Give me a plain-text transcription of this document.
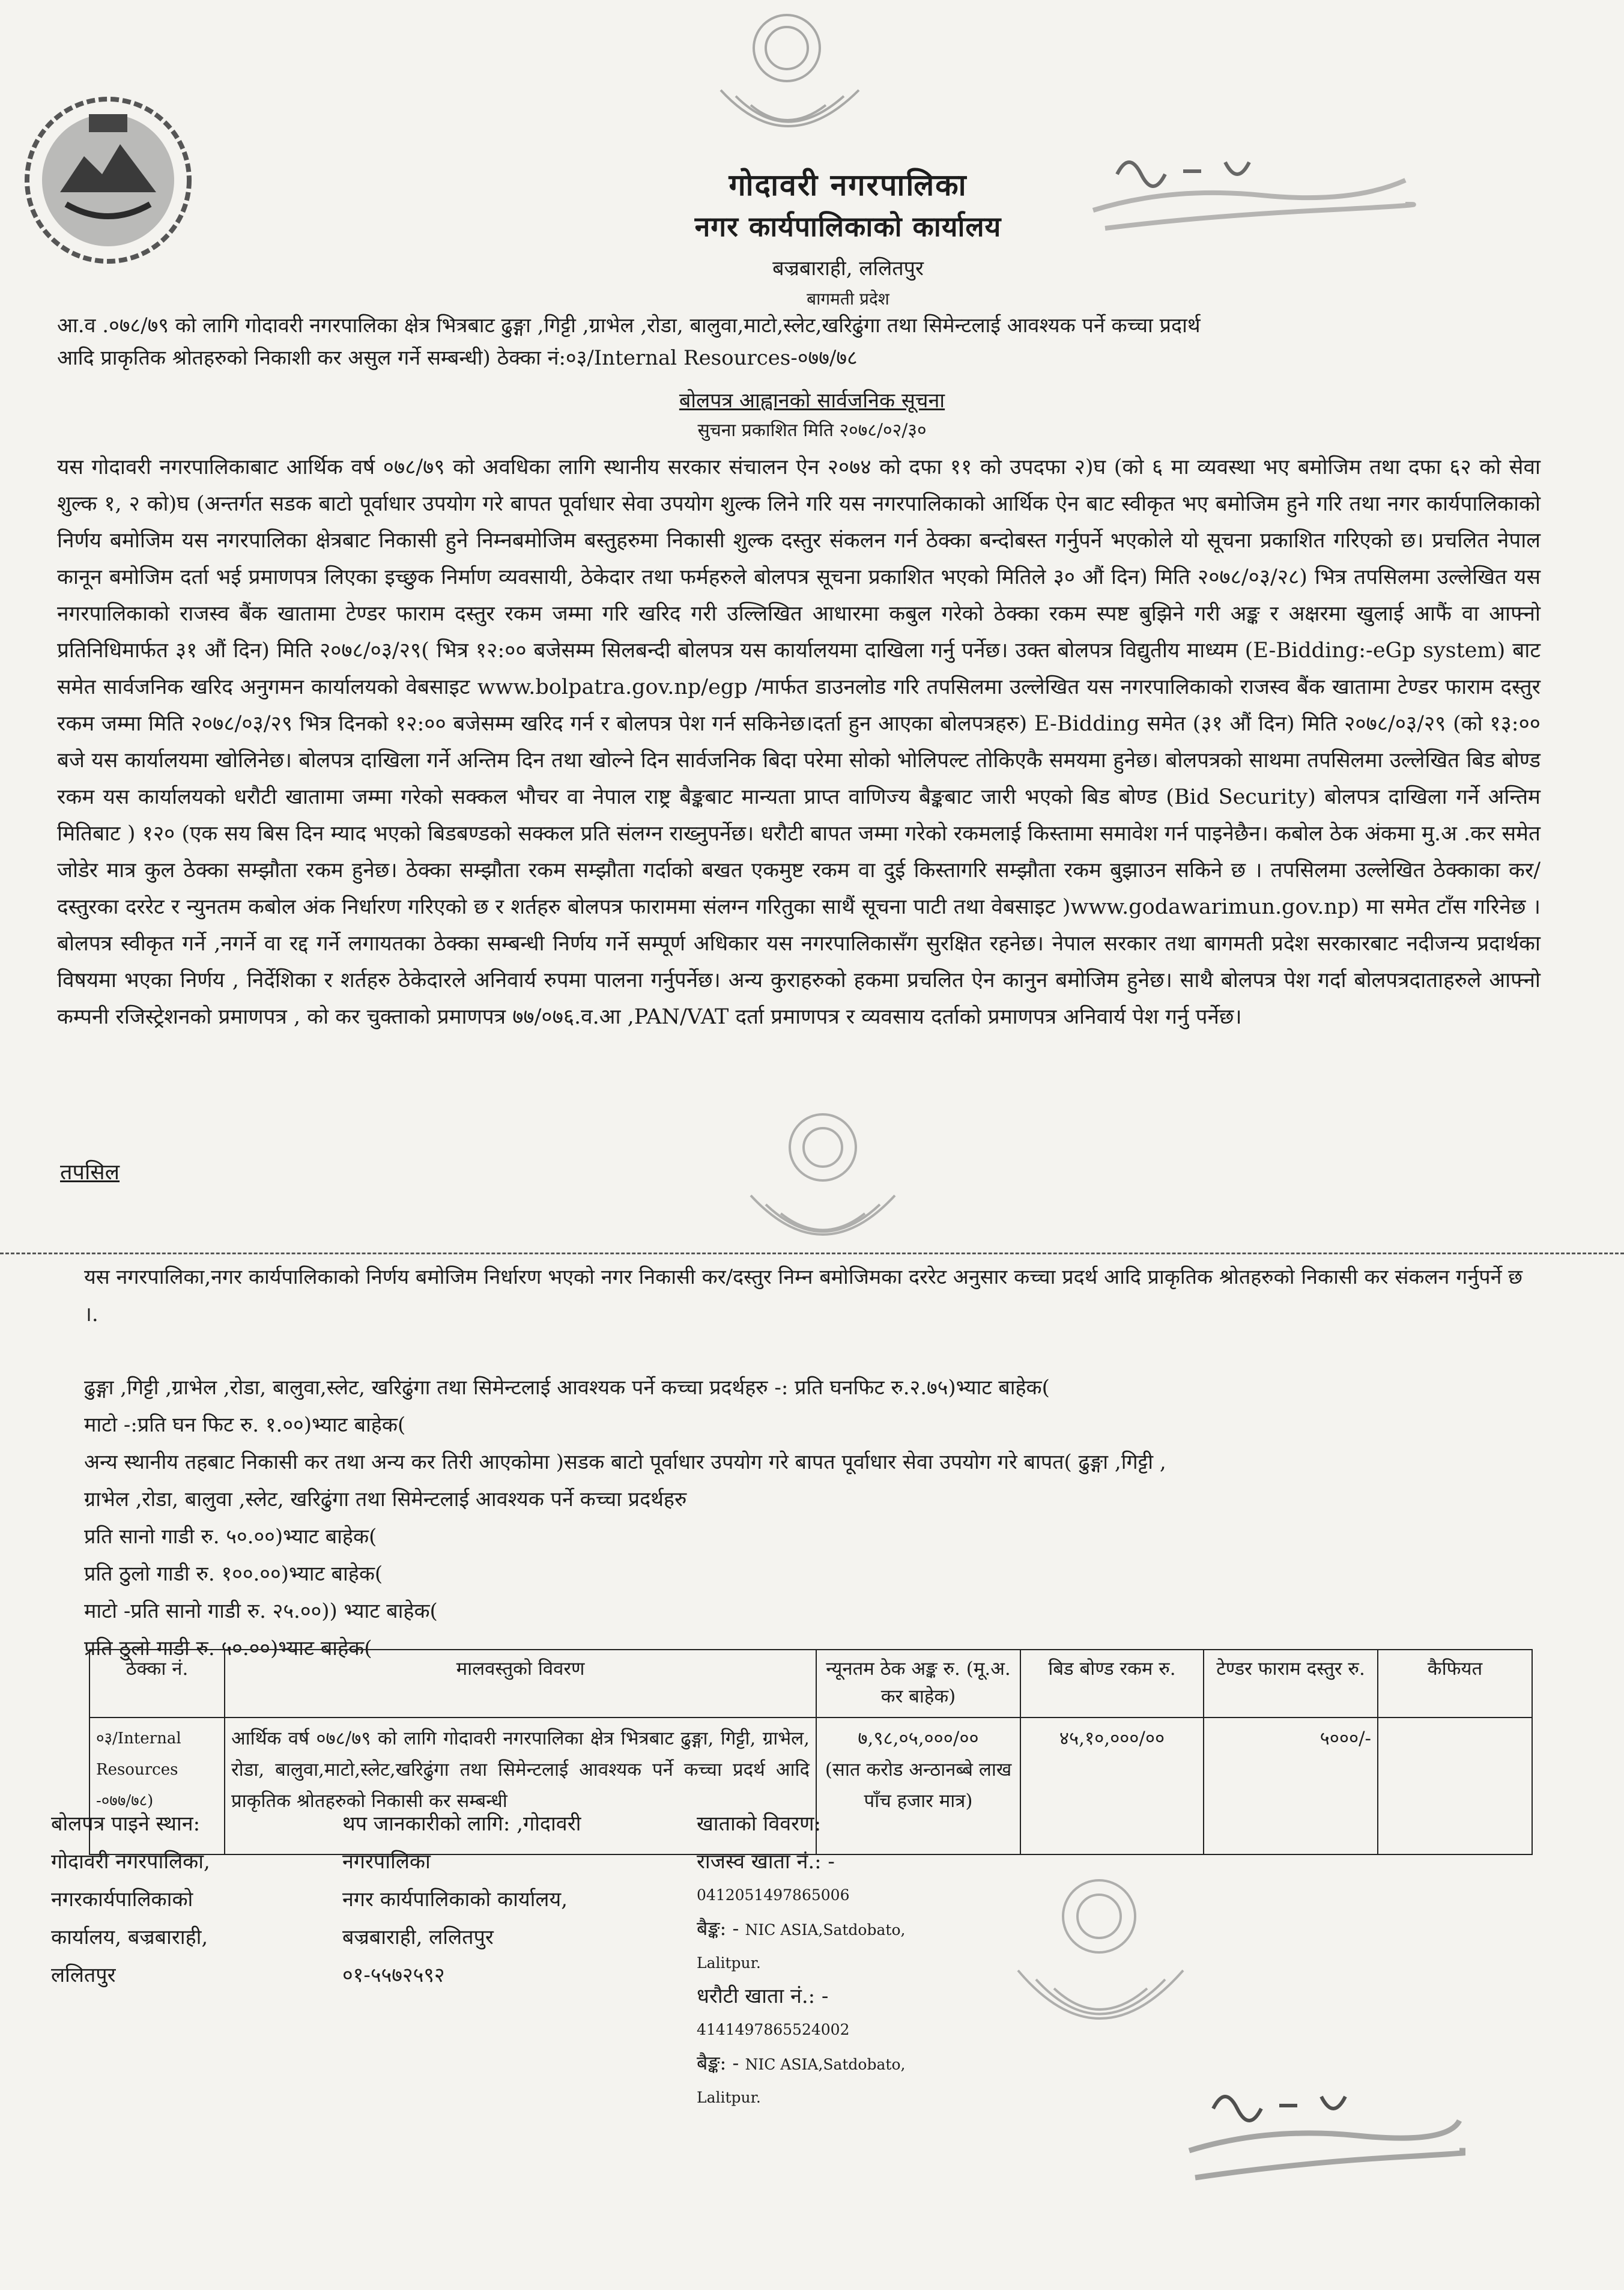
गोदावरी नगरपालिका
नगर कार्यपालिकाको कार्यालय
बज्रबाराही, ललितपुर
बागमती प्रदेश
आ.व .०७८/७९ को लागि गोदावरी नगरपालिका क्षेत्र भित्रबाट ढुङ्गा ,गिट्टी ,ग्राभेल ,रोडा, बालुवा,माटो,स्लेट,खरिढुंगा तथा सिमेन्टलाई आवश्यक पर्ने कच्चा प्रदार्थ
आदि प्राकृतिक श्रोतहरुको निकाशी कर असुल गर्ने सम्बन्धी) ठेक्का नं:०३/Internal Resources-०७७/७८
बोलपत्र आह्वानको सार्वजनिक सूचना
सुचना प्रकाशित मिति २०७८/०२/३०
यस गोदावरी नगरपालिकाबाट आर्थिक वर्ष ०७८/७९ को अवधिका लागि स्थानीय सरकार संचालन ऐन २०७४ को दफा ११ को उपदफा २)घ (को ६ मा व्यवस्था भए बमोजिम तथा दफा ६२ को सेवा शुल्क १, २ को)घ (अन्तर्गत सडक बाटो पूर्वाधार उपयोग गरे बापत पूर्वाधार सेवा उपयोग शुल्क लिने गरि यस नगरपालिकाको आर्थिक ऐन बाट स्वीकृत भए बमोजिम हुने गरि तथा नगर कार्यपालिकाको निर्णय बमोजिम यस नगरपालिका क्षेत्रबाट निकासी हुने निम्नबमोजिम बस्तुहरुमा निकासी शुल्क दस्तुर संकलन गर्न ठेक्का बन्दोबस्त गर्नुपर्ने भएकोले यो सूचना प्रकाशित गरिएको छ। प्रचलित नेपाल कानून बमोजिम दर्ता भई प्रमाणपत्र लिएका इच्छुक निर्माण व्यवसायी, ठेकेदार तथा फर्महरुले बोलपत्र सूचना प्रकाशित भएको मितिले ३० औं दिन) मिति २०७८/०३/२८) भित्र तपसिलमा उल्लेखित यस नगरपालिकाको राजस्व बैंक खातामा टेण्डर फाराम दस्तुर रकम जम्मा गरि खरिद गरी उल्लिखित आधारमा कबुल गरेको ठेक्का रकम स्पष्ट बुझिने गरी अङ्क र अक्षरमा खुलाई आफैं वा आफ्नो प्रतिनिधिमार्फत ३१ औं दिन) मिति २०७८/०३/२९( भित्र १२:०० बजेसम्म सिलबन्दी बोलपत्र यस कार्यालयमा दाखिला गर्नु पर्नेछ। उक्त बोलपत्र विद्युतीय माध्यम (E-Bidding:-eGp system) बाट समेत सार्वजनिक खरिद अनुगमन कार्यालयको वेबसाइट www.bolpatra.gov.np/egp /मार्फत डाउनलोड गरि तपसिलमा उल्लेखित यस नगरपालिकाको राजस्व बैंक खातामा टेण्डर फाराम दस्तुर रकम जम्मा मिति २०७८/०३/२९ भित्र दिनको १२:०० बजेसम्म खरिद गर्न र बोलपत्र पेश गर्न सकिनेछ।दर्ता हुन आएका बोलपत्रहरु) E-Bidding समेत (३१ औं दिन) मिति २०७८/०३/२९ (को १३:०० बजे यस कार्यालयमा खोलिनेछ। बोलपत्र दाखिला गर्ने अन्तिम दिन तथा खोल्ने दिन सार्वजनिक बिदा परेमा सोको भोलिपल्ट तोकिएकै समयमा हुनेछ। बोलपत्रको साथमा तपसिलमा उल्लेखित बिड बोण्ड रकम यस कार्यालयको धरौटी खातामा जम्मा गरेको सक्कल भौचर वा नेपाल राष्ट्र बैङ्कबाट मान्यता प्राप्त वाणिज्य बैङ्कबाट जारी भएको बिड बोण्ड (Bid Security) बोलपत्र दाखिला गर्ने अन्तिम मितिबाट ) १२० (एक सय बिस दिन म्याद भएको बिडबण्डको सक्कल प्रति संलग्न राख्नुपर्नेछ। धरौटी बापत जम्मा गरेको रकमलाई किस्तामा समावेश गर्न पाइनेछैन। कबोल ठेक अंकमा मु.अ .कर समेत जोडेर मात्र कुल ठेक्का सम्झौता रकम हुनेछ। ठेक्का सम्झौता रकम सम्झौता गर्दाको बखत एकमुष्ट रकम वा दुई किस्तागरि सम्झौता रकम बुझाउन सकिने छ । तपसिलमा उल्लेखित ठेक्काका कर/दस्तुरका दररेट र न्युनतम कबोल अंक निर्धारण गरिएको छ र शर्तहरु बोलपत्र फाराममा संलग्न गरितुका साथैं सूचना पाटी तथा वेबसाइट )www.godawarimun.gov.np) मा समेत टाँस गरिनेछ । बोलपत्र स्वीकृत गर्ने ,नगर्ने वा रद्द गर्ने लगायतका ठेक्का सम्बन्धी निर्णय गर्ने सम्पूर्ण अधिकार यस नगरपालिकासँग सुरक्षित रहनेछ। नेपाल सरकार तथा बागमती प्रदेश सरकारबाट नदीजन्य प्रदार्थका विषयमा भएका निर्णय , निर्देशिका र शर्तहरु ठेकेदारले अनिवार्य रुपमा पालना गर्नुपर्नेछ। अन्य कुराहरुको हकमा प्रचलित ऐन कानुन बमोजिम हुनेछ। साथै बोलपत्र पेश गर्दा बोलपत्रदाताहरुले आफ्नो कम्पनी रजिस्ट्रेशनको प्रमाणपत्र , को कर चुक्ताको प्रमाणपत्र ७७/०७६.व.आ ,PAN/VAT दर्ता प्रमाणपत्र र व्यवसाय दर्ताको प्रमाणपत्र अनिवार्य पेश गर्नु पर्नेछ।
तपसिल

यस नगरपालिका,नगर कार्यपालिकाको निर्णय बमोजिम निर्धारण भएको नगर निकासी कर/दस्तुर निम्न बमोजिमका दररेट अनुसार कच्चा प्रदर्थ आदि प्राकृतिक श्रोतहरुको निकासी कर संकलन गर्नुपर्ने छ ।.

ढुङ्गा ,गिट्टी ,ग्राभेल ,रोडा, बालुवा,स्लेट, खरिढुंगा तथा सिमेन्टलाई आवश्यक पर्ने कच्चा प्रदर्थहरु -: प्रति घनफिट रु.२.७५)भ्याट बाहेक(

माटो -:प्रति घन फिट रु. १.००)भ्याट बाहेक(

अन्य स्थानीय तहबाट निकासी कर तथा अन्य कर तिरी आएकोमा )सडक बाटो पूर्वाधार उपयोग गरे बापत पूर्वाधार सेवा उपयोग गरे बापत( ढुङ्गा ,गिट्टी ,

ग्राभेल ,रोडा, बालुवा ,स्लेट, खरिढुंगा तथा सिमेन्टलाई आवश्यक पर्ने कच्चा प्रदर्थहरु

प्रति सानो गाडी रु. ५०.००)भ्याट बाहेक(

प्रति ठुलो गाडी रु. १००.००)भ्याट बाहेक(

माटो -प्रति सानो गाडी रु. २५.००)) भ्याट बाहेक(

प्रति ठुलो गाडी रु. ५०.००)भ्याट बाहेक(

ठेक्का नं.	मालवस्तुको विवरण	न्यूनतम ठेक अङ्क रु. (मू.अ. कर बाहेक)	बिड बोण्ड रकम रु.	टेण्डर फाराम दस्तुर रु.	कैफियत
०३/Internal Resources -०७७/७८)	आर्थिक वर्ष ०७८/७९ को लागि गोदावरी नगरपालिका क्षेत्र भित्रबाट ढुङ्गा, गिट्टी, ग्राभेल, रोडा, बालुवा,माटो,स्लेट,खरिढुंगा तथा सिमेन्टलाई आवश्यक पर्ने कच्चा प्रदर्थ आदि प्राकृतिक श्रोतहरुको निकासी कर सम्बन्धी	७,९८,०५,०००/००
(सात करोड अन्ठानब्बे लाख पाँच हजार मात्र)	४५,१०,०००/००	५०००/-	
बोलपत्र पाइने स्थान:
गोदावरी नगरपालिका,
नगरकार्यपालिकाको
कार्यालय, बज्रबाराही,
ललितपुर
थप जानकारीको लागि: ,गोदावरी
नगरपालिका
नगर कार्यपालिकाको कार्यालय,
बज्रबाराही, ललितपुर
०१-५५७२५९२
खाताको विवरण:
राजस्व खाता नं.: -
0412051497865006
बैङ्क: - NIC ASIA,Satdobato,
Lalitpur.
धरौटी खाता नं.: -
4141497865524002
बैङ्क: - NIC ASIA,Satdobato,
Lalitpur.
